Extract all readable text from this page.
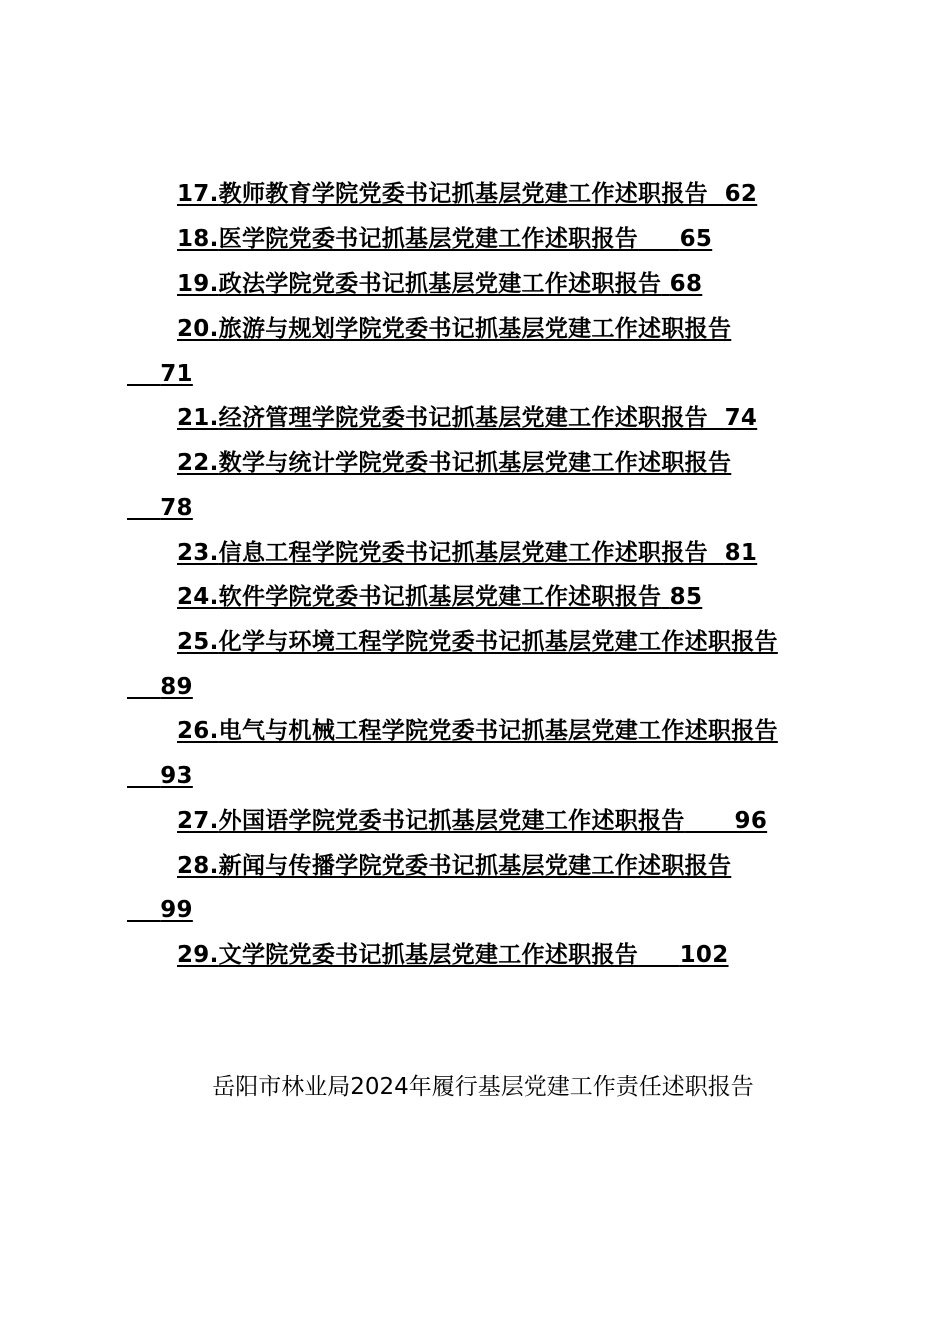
17.教师教育学院党委书记抓基层党建工作述职报告 62
18.医学院党委书记抓基层党建工作述职报告 65
19.政法学院党委书记抓基层党建工作述职报告 68
20.旅游与规划学院党委书记抓基层党建工作述职报告
71
21.经济管理学院党委书记抓基层党建工作述职报告 74
22.数学与统计学院党委书记抓基层党建工作述职报告
78
23.信息工程学院党委书记抓基层党建工作述职报告 81
24.软件学院党委书记抓基层党建工作述职报告 85
25.化学与环境工程学院党委书记抓基层党建工作述职报告
89
26.电气与机械工程学院党委书记抓基层党建工作述职报告
93
27.外国语学院党委书记抓基层党建工作述职报告 96
28.新闻与传播学院党委书记抓基层党建工作述职报告
99
29.文学院党委书记抓基层党建工作述职报告 102
岳阳市林业局2024年履行基层党建工作责任述职报告
